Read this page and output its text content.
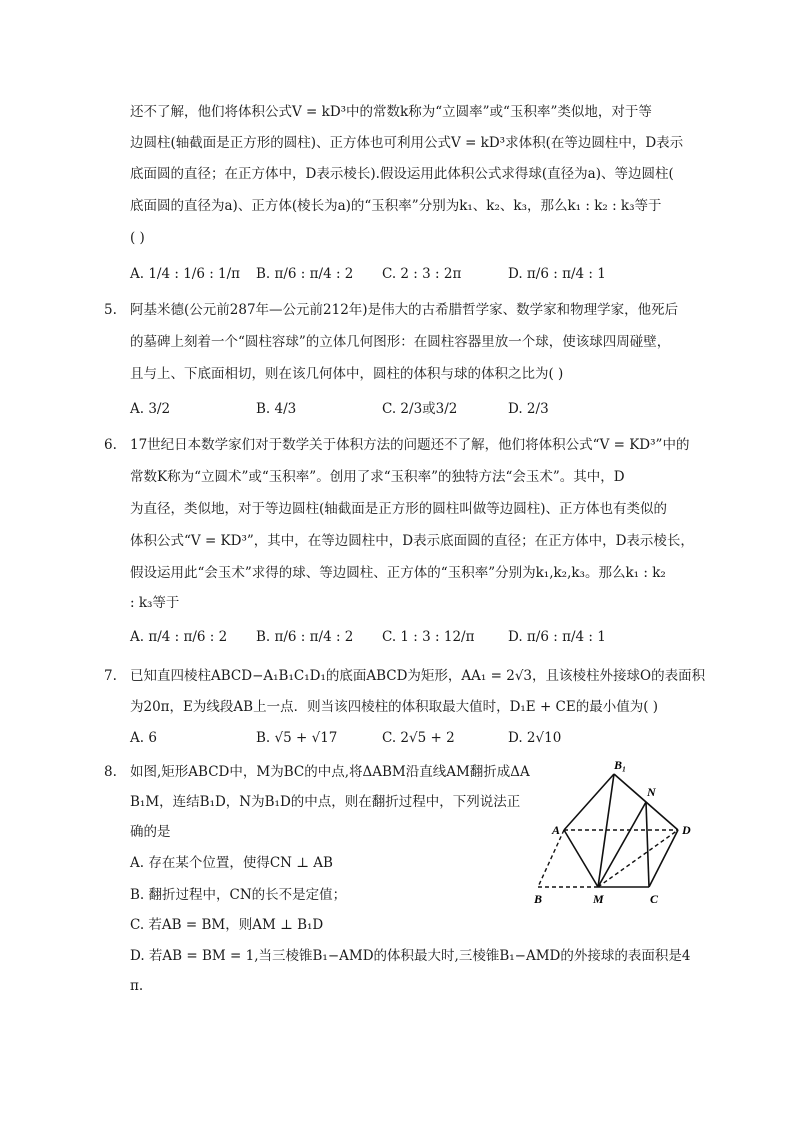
还不了解，他们将体积公式V = kD³中的常数k称为“立圆率”或“玉积率”类似地，对于等
边圆柱(轴截面是正方形的圆柱)、正方体也可利用公式V = kD³求体积(在等边圆柱中，D表示
底面圆的直径；在正方体中，D表示棱长).假设运用此体积公式求得球(直径为a)、等边圆柱(
底面圆的直径为a)、正方体(棱长为a)的“玉积率”分别为k₁、k₂、k₃，那么k₁ : k₂ : k₃等于
( )
A. 1/4 : 1/6 : 1/π B. π/6 : π/4 : 2 C. 2 : 3 : 2π	D. π/6 : π/4 : 1
5. 阿基米德(公元前287年—公元前212年)是伟大的古希腊哲学家、数学家和物理学家，他死后
的墓碑上刻着一个“圆柱容球”的立体几何图形：在圆柱容器里放一个球，使该球四周碰壁，
且与上、下底面相切，则在该几何体中，圆柱的体积与球的体积之比为( )
A. 3/2	B. 4/3	C. 2/3或3/2	D. 2/3
6. 17世纪日本数学家们对于数学关于体积方法的问题还不了解，他们将体积公式“V = KD³”中的
常数K称为“立圆术”或“玉积率”。创用了求“玉积率”的独特方法“会玉术”。其中，D
为直径，类似地，对于等边圆柱(轴截面是正方形的圆柱叫做等边圆柱)、正方体也有类似的
体积公式“V = KD³”，其中，在等边圆柱中，D表示底面圆的直径；在正方体中，D表示棱长，
假设运用此“会玉术”求得的球、等边圆柱、正方体的“玉积率”分别为k₁,k₂,k₃。那么k₁ : k₂
: k₃等于
A. π/4 : π/6 : 2 B. π/6 : π/4 : 2 C. 1 : 3 : 12/π D. π/6 : π/4 : 1
7. 已知直四棱柱ABCD−A₁B₁C₁D₁的底面ABCD为矩形，AA₁ = 2√3，且该棱柱外接球O的表面积
为20π，E为线段AB上一点．则当该四棱柱的体积取最大值时，D₁E + CE的最小值为( )
A. 6	B. √5 + √17	C. 2√5 + 2	D. 2√10
8. 如图,矩形ABCD中，M为BC的中点,将ΔABM沿直线AM翻折成ΔA
B₁M，连结B₁D，N为B₁D的中点，则在翻折过程中，下列说法正
确的是
A. 存在某个位置，使得CN ⊥ AB
B. 翻折过程中，CN的长不是定值；
C. 若AB = BM，则AM ⊥ B₁D
D. 若AB = BM = 1,当三棱锥B₁−AMD的体积最大时,三棱锥B₁−AMD的外接球的表面积是4
π.
B₁
N
A	D
B	M	C
